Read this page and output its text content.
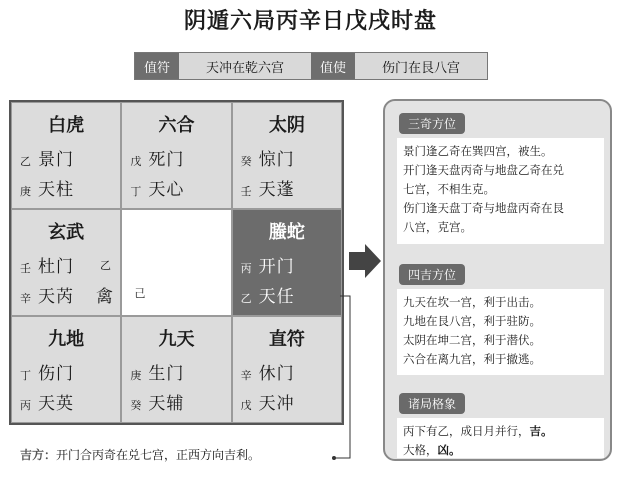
阴遁六局丙辛日戊戌时盘
值符	天冲在乾六宫	值使	伤门在艮八宫
白虎
乙 景门
庚 天柱
六合
戊 死门
丁 天心
太阴
癸 惊门
壬 天蓬
玄武
壬 杜门 乙
辛 天芮 禽 己
螣蛇
丙 开门
乙 天任
九地
丁 伤门
丙 天英
九天
庚 生门
癸 天辅
直符
辛 休门
戊 天冲
三奇方位

景门逢乙奇在巽四宫，被生。

开门逢天盘丙奇与地盘乙奇在兑

七宫，不相生克。

伤门逢天盘丁奇与地盘丙奇在艮

八宫，克宫。

四吉方位

九天在坎一宫，利于出击。

九地在艮八宫，利于驻防。

太阴在坤二宫，利于潜伏。

六合在离九宫，利于撤逃。

诸局格象

丙下有乙，成日月并行，吉。

大格，凶。

吉方：开门合丙奇在兑七宫，正西方向吉利。
